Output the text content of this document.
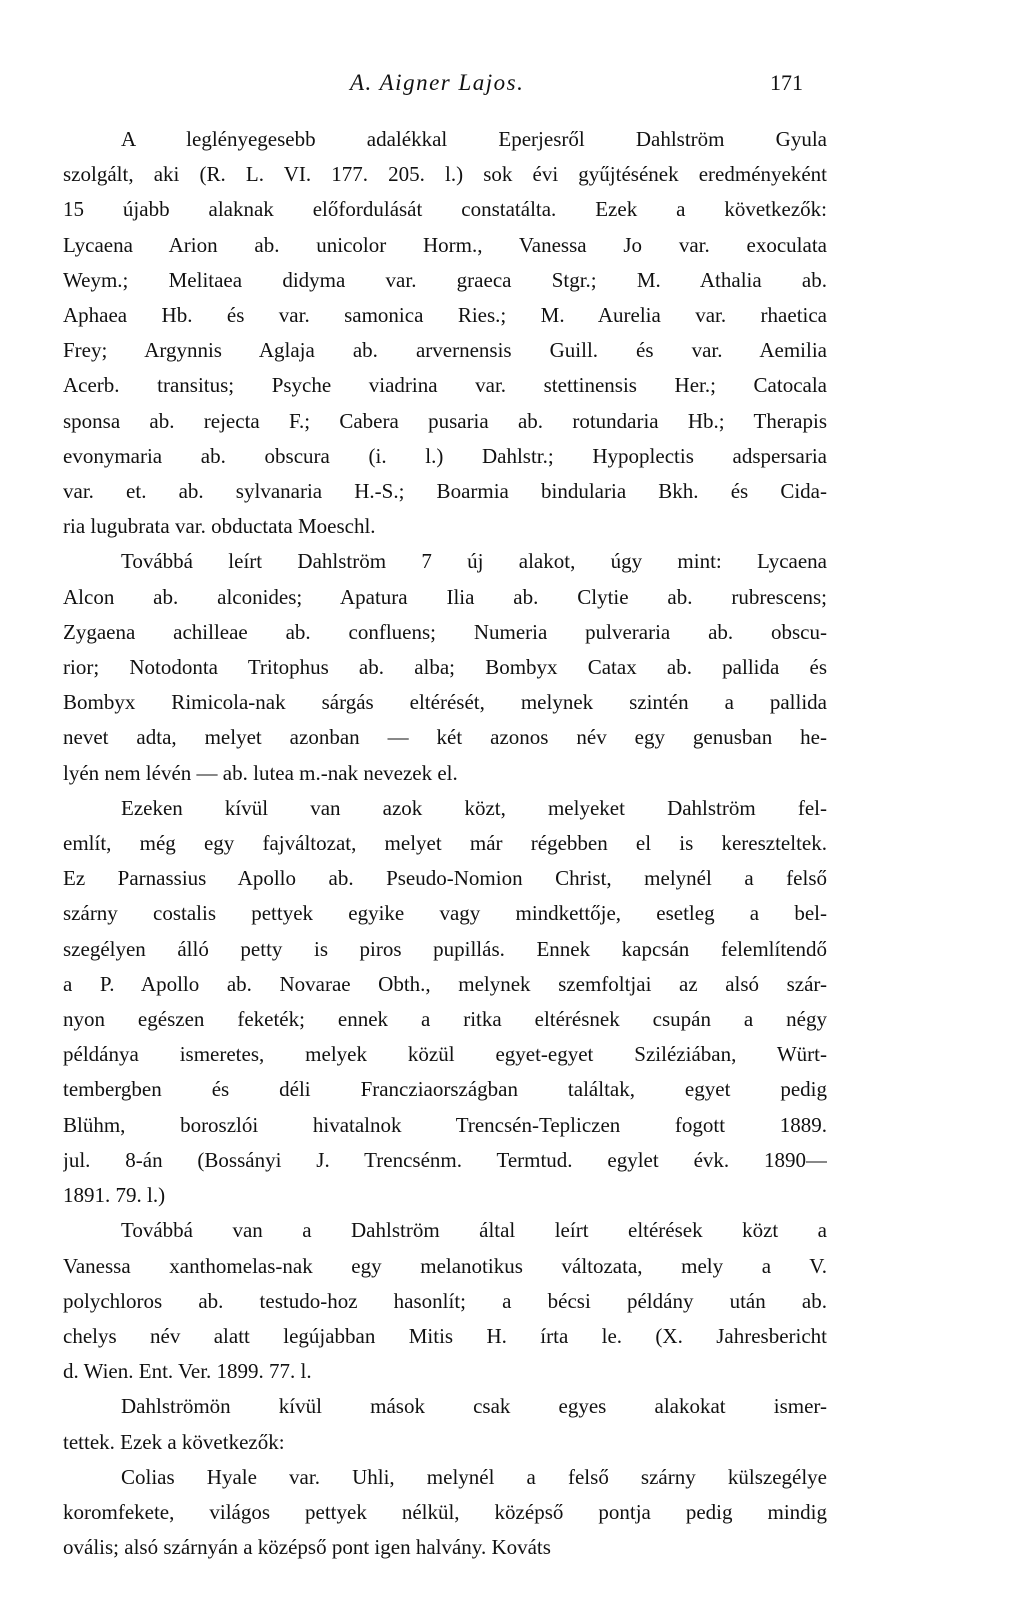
A. Aigner Lajos.	171
A leglényegesebb adalékkal Eperjesről Dahlström Gyula
szolgált, aki (R. L. VI. 177. 205. l.) sok évi gyűjtésének eredményeként
15 újabb alaknak előfordulását constatálta. Ezek a következők:
Lycaena Arion ab. unicolor Horm., Vanessa Jo var. exoculata
Weym.; Melitaea didyma var. graeca Stgr.; M. Athalia ab.
Aphaea Hb. és var. samonica Ries.; M. Aurelia var. rhaetica
Frey; Argynnis Aglaja ab. arvernensis Guill. és var. Aemilia
Acerb. transitus; Psyche viadrina var. stettinensis Her.; Catocala
sponsa ab. rejecta F.; Cabera pusaria ab. rotundaria Hb.; Therapis
evonymaria ab. obscura (i. l.) Dahlstr.; Hypoplectis adspersaria
var. et. ab. sylvanaria H.-S.; Boarmia bindularia Bkh. és Cida-
ria lugubrata var. obductata Moeschl.
Továbbá leírt Dahlström 7 új alakot, úgy mint: Lycaena
Alcon ab. alconides; Apatura Ilia ab. Clytie ab. rubrescens;
Zygaena achilleae ab. confluens; Numeria pulveraria ab. obscu-
rior; Notodonta Tritophus ab. alba; Bombyx Catax ab. pallida és
Bombyx Rimicola-nak sárgás eltérését, melynek szintén a pallida
nevet adta, melyet azonban — két azonos név egy genusban he-
lyén nem lévén — ab. lutea m.-nak nevezek el.
Ezeken kívül van azok közt, melyeket Dahlström fel-
említ, még egy fajváltozat, melyet már régebben el is kereszteltek.
Ez Parnassius Apollo ab. Pseudo-Nomion Christ, melynél a felső
szárny costalis pettyek egyike vagy mindkettője, esetleg a bel-
szegélyen álló petty is piros pupillás. Ennek kapcsán felemlítendő
a P. Apollo ab. Novarae Obth., melynek szemfoltjai az alsó szár-
nyon egészen feketék; ennek a ritka eltérésnek csupán a négy
példánya ismeretes, melyek közül egyet-egyet Sziléziában, Würt-
tembergben és déli Francziaországban találtak, egyet pedig
Blühm, boroszlói hivatalnok Trencsén-Tepliczen fogott 1889.
jul. 8-án (Bossányi J. Trencsénm. Termtud. egylet évk. 1890—
1891. 79. l.)
Továbbá van a Dahlström által leírt eltérések közt a
Vanessa xanthomelas-nak egy melanotikus változata, mely a V.
polychloros ab. testudo-hoz hasonlít; a bécsi példány után ab.
chelys név alatt legújabban Mitis H. írta le. (X. Jahresbericht
d. Wien. Ent. Ver. 1899. 77. l.
Dahlströmön kívül mások csak egyes alakokat ismer-
tettek. Ezek a következők:
Colias Hyale var. Uhli, melynél a felső szárny külszegélye
koromfekete, világos pettyek nélkül, középső pontja pedig mindig
ovális; alsó szárnyán a középső pont igen halvány. Kováts
